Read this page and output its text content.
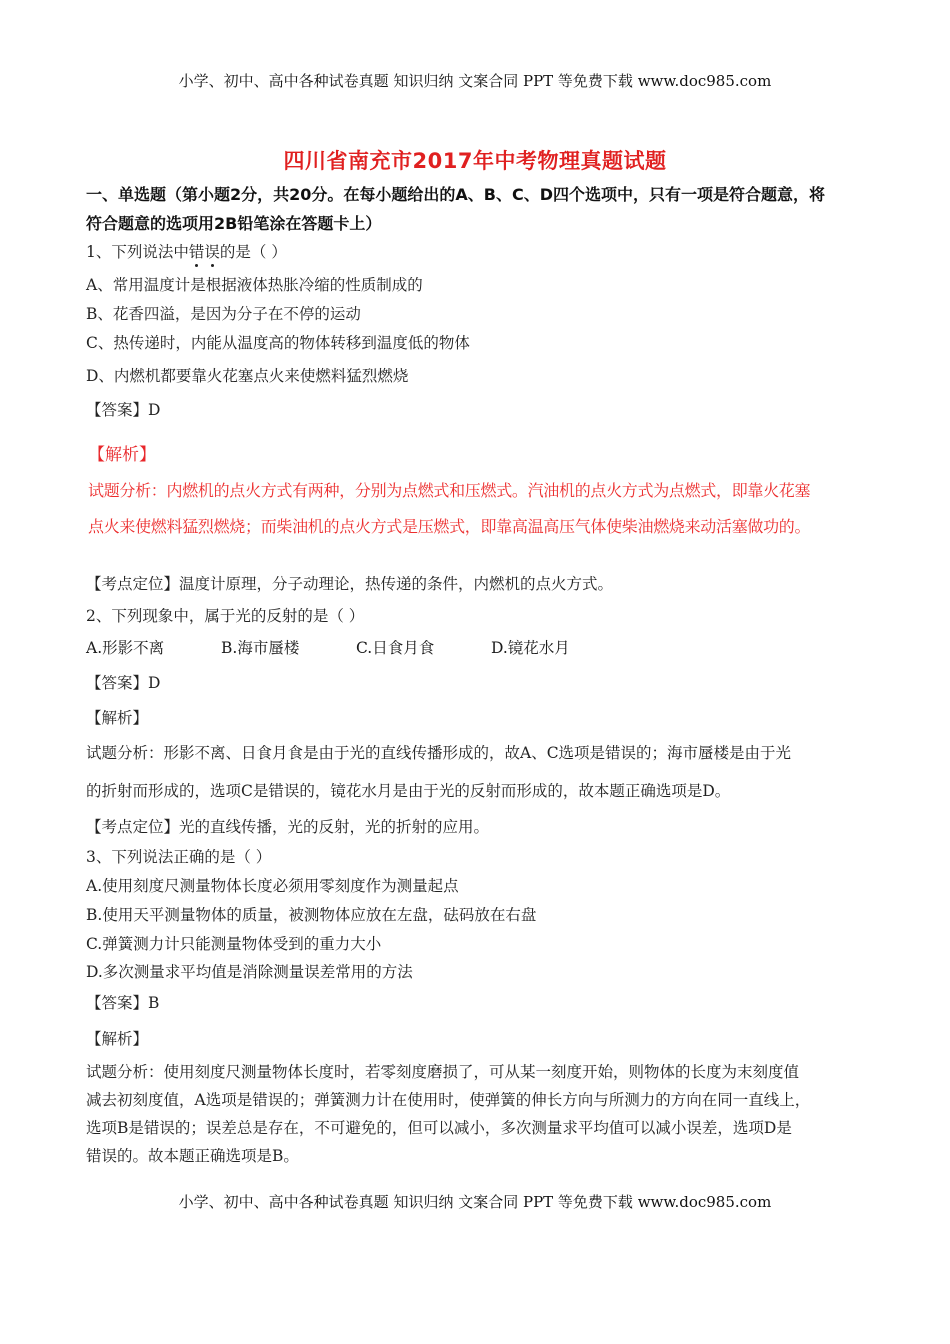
小学、初中、高中各种试卷真题 知识归纳 文案合同 PPT 等免费下载 www.doc985.com
四川省南充市2017年中考物理真题试题
一、单选题（第小题2分，共20分。在每小题给出的A、B、C、D四个选项中，只有一项是符合题意，将
符合题意的选项用2B铅笔涂在答题卡上）
1、下列说法中错误的是（ ）
A、常用温度计是根据液体热胀冷缩的性质制成的
B、花香四溢，是因为分子在不停的运动
C、热传递时，内能从温度高的物体转移到温度低的物体
D、内燃机都要靠火花塞点火来使燃料猛烈燃烧
【答案】D
【解析】
试题分析：内燃机的点火方式有两种，分别为点燃式和压燃式。汽油机的点火方式为点燃式，即靠火花塞
点火来使燃料猛烈燃烧；而柴油机的点火方式是压燃式，即靠高温高压气体使柴油燃烧来动活塞做功的。
【考点定位】温度计原理，分子动理论，热传递的条件，内燃机的点火方式。
2、下列现象中，属于光的反射的是（ ）
A.形影不离	B.海市蜃楼	C.日食月食	D.镜花水月
【答案】D
【解析】
试题分析：形影不离、日食月食是由于光的直线传播形成的，故A、C选项是错误的；海市蜃楼是由于光
的折射而形成的，选项C是错误的，镜花水月是由于光的反射而形成的，故本题正确选项是D。
【考点定位】光的直线传播，光的反射，光的折射的应用。
3、下列说法正确的是（ ）
A.使用刻度尺测量物体长度必须用零刻度作为测量起点
B.使用天平测量物体的质量，被测物体应放在左盘，砝码放在右盘
C.弹簧测力计只能测量物体受到的重力大小
D.多次测量求平均值是消除测量误差常用的方法
【答案】B
【解析】
试题分析：使用刻度尺测量物体长度时，若零刻度磨损了，可从某一刻度开始，则物体的长度为末刻度值
减去初刻度值，A选项是错误的；弹簧测力计在使用时，使弹簧的伸长方向与所测力的方向在同一直线上，
选项B是错误的；误差总是存在，不可避免的，但可以减小，多次测量求平均值可以减小误差，选项D是
错误的。故本题正确选项是B。
小学、初中、高中各种试卷真题 知识归纳 文案合同 PPT 等免费下载 www.doc985.com
